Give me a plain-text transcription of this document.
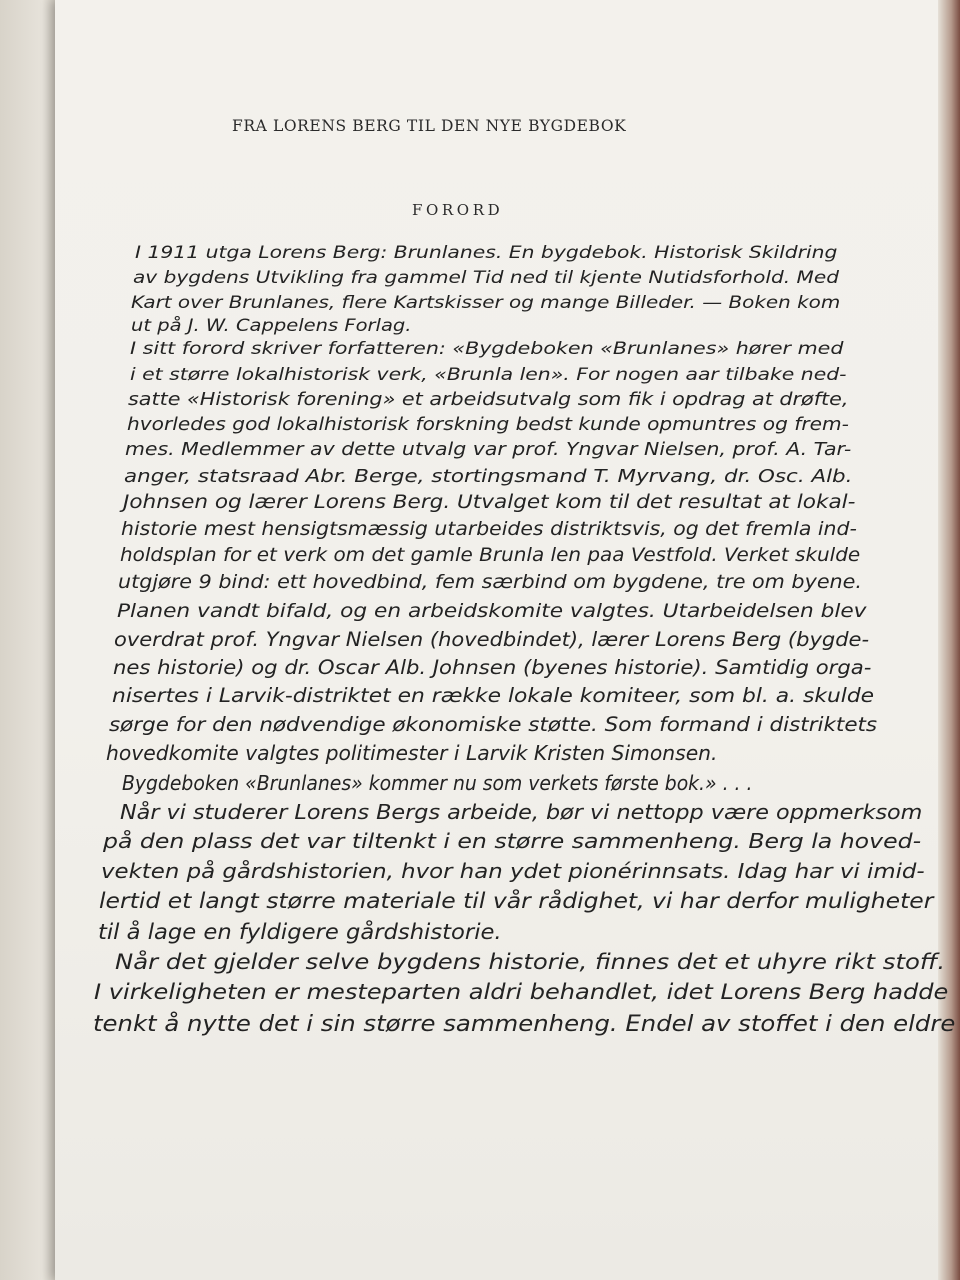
FRA LORENS BERG TIL DEN NYE BYGDEBOK
FORORD
I 1911 utga Lorens Berg: Brunlanes. En bygdebok. Historisk Skildring
av bygdens Utvikling fra gammel Tid ned til kjente Nutidsforhold. Med
Kart over Brunlanes, flere Kartskisser og mange Billeder. — Boken kom
ut på J. W. Cappelens Forlag.
I sitt forord skriver forfatteren: «Bygdeboken «Brunlanes» hører med
i et større lokalhistorisk verk, «Brunla len». For nogen aar tilbake ned-
satte «Historisk forening» et arbeidsutvalg som fik i opdrag at drøfte,
hvorledes god lokalhistorisk forskning bedst kunde opmuntres og frem-
mes. Medlemmer av dette utvalg var prof. Yngvar Nielsen, prof. A. Tar-
anger, statsraad Abr. Berge, stortingsmand T. Myrvang, dr. Osc. Alb.
Johnsen og lærer Lorens Berg. Utvalget kom til det resultat at lokal-
historie mest hensigtsmæssig utarbeides distriktsvis, og det fremla ind-
holdsplan for et verk om det gamle Brunla len paa Vestfold. Verket skulde
utgjøre 9 bind: ett hovedbind, fem særbind om bygdene, tre om byene.
Planen vandt bifald, og en arbeidskomite valgtes. Utarbeidelsen blev
overdrat prof. Yngvar Nielsen (hovedbindet), lærer Lorens Berg (bygde-
nes historie) og dr. Oscar Alb. Johnsen (byenes historie). Samtidig orga-
nisertes i Larvik-distriktet en række lokale komiteer, som bl. a. skulde
sørge for den nødvendige økonomiske støtte. Som formand i distriktets
hovedkomite valgtes politimester i Larvik Kristen Simonsen.
Bygdeboken «Brunlanes» kommer nu som verkets første bok.» . . .
Når vi studerer Lorens Bergs arbeide, bør vi nettopp være oppmerksom
på den plass det var tiltenkt i en større sammenheng. Berg la hoved-
vekten på gårdshistorien, hvor han ydet pionérinnsats. Idag har vi imid-
lertid et langt større materiale til vår rådighet, vi har derfor muligheter
til å lage en fyldigere gårdshistorie.
Når det gjelder selve bygdens historie, finnes det et uhyre rikt stoff.
I virkeligheten er mesteparten aldri behandlet, idet Lorens Berg hadde
tenkt å nytte det i sin større sammenheng. Endel av stoffet i den eldre
